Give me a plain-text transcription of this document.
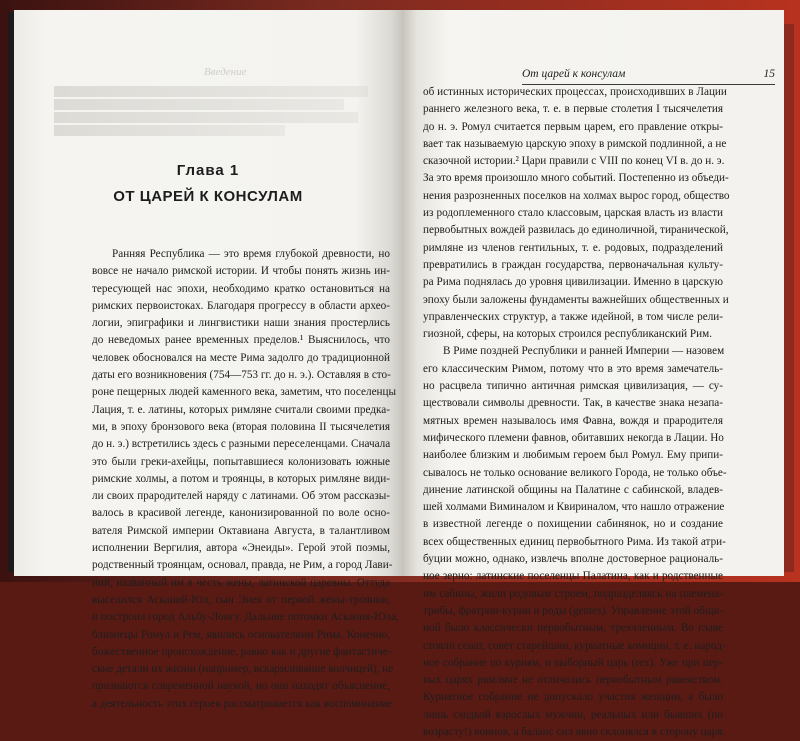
Введение
Глава 1
ОТ ЦАРЕЙ К КОНСУЛАМ
Ранняя Республика — это время глубокой древности, но
вовсе не начало римской истории. И чтобы понять жизнь ин-
тересующей нас эпохи, необходимо кратко остановиться на
римских первоистоках. Благодаря прогрессу в области архео-
логии, эпиграфики и лингвистики наши знания простерлись
до неведомых ранее временных пределов.¹ Выяснилось, что
человек обосновался на месте Рима задолго до традиционной
даты его возникновения (754—753 гг. до н. э.). Оставляя в сто-
роне пещерных людей каменного века, заметим, что поселенцы
Лация, т. е. латины, которых римляне считали своими предка-
ми, в эпоху бронзового века (вторая половина II тысячелетия
до н. э.) встретились здесь с разными переселенцами. Сначала
это были греки-ахейцы, попытавшиеся колонизовать южные
римские холмы, а потом и троянцы, в которых римляне види-
ли своих прародителей наряду с латинами. Об этом рассказы-
валось в красивой легенде, канонизированной по воле осно-
вателя Римской империи Октавиана Августа, в талантливом
исполнении Вергилия, автора «Энеиды». Герой этой поэмы,
родственный троянцам, основал, правда, не Рим, а город Лави-
ний, названный им в честь жены, латинской царевны. Оттуда
выселился Асканий-Юл, сын Энея от первой жены-троянки,
и построил город Альбу-Лонгу. Дальние потомки Аскания-Юла,
близнецы Ромул и Рем, явились основателями Рима. Конечно,
божественное происхождение, равно как и другие фантастиче-
ские детали их жизни (например, вскармливание волчицей), не
признаются современной наукой, но они находят объяснение,
а деятельность этих героев рассматривается как воспоминание
От царей к консулам	15
об истинных исторических процессах, происходивших в Лации
раннего железного века, т. е. в первые столетия I тысячелетия
до н. э. Ромул считается первым царем, его правление откры-
вает так называемую царскую эпоху в римской подлинной, а не
сказочной истории.² Цари правили с VIII по конец VI в. до н. э.
За это время произошло много событий. Постепенно из объеди-
нения разрозненных поселков на холмах вырос город, общество
из родоплеменного стало классовым, царская власть из власти
первобытных вождей развилась до единоличной, тиранической,
римляне из членов гентильных, т. е. родовых, подразделений
превратились в граждан государства, первоначальная культу-
ра Рима поднялась до уровня цивилизации. Именно в царскую
эпоху были заложены фундаменты важнейших общественных и
управленческих структур, а также идейной, в том числе рели-
гиозной, сферы, на которых строился республиканский Рим.
В Риме поздней Республики и ранней Империи — назовем
его классическим Римом, потому что в это время замечатель-
но расцвела типично античная римская цивилизация, — су-
ществовали символы древности. Так, в качестве знака незапа-
мятных времен называлось имя Фавна, вождя и прародителя
мифического племени фавнов, обитавших некогда в Лации. Но
наиболее близким и любимым героем был Ромул. Ему припи-
сывалось не только основание великого Города, не только объе-
динение латинской общины на Палатине с сабинской, владев-
шей холмами Виминалом и Квириналом, что нашло отражение
в известной легенде о похищении сабинянок, но и создание
всех общественных единиц первобытного Рима. Из такой атри-
буции можно, однако, извлечь вполне достоверное рациональ-
ное зерно: латинские поселенцы Палатина, как и родственные
им сабины, жили родовым строем, подразделяясь на племена-
трибы, фратрии-курии и роды (gentes). Управление этой общи-
ной было классически первобытным, трехчленным. Во главе
стояли сенат, совет старейшин, куриатные комиции, т. е. народ-
ное собрание по куриям, и выборный царь (rex). Уже при пер-
вых царях римляне не отличались первобытным равенством.
Куриатное собрание не допускало участия женщин, а было
лишь сходкой взрослых мужчин, реальных или бывших (по
возрасту!) воинов, а баланс сил явно склонялся в сторону царя.
